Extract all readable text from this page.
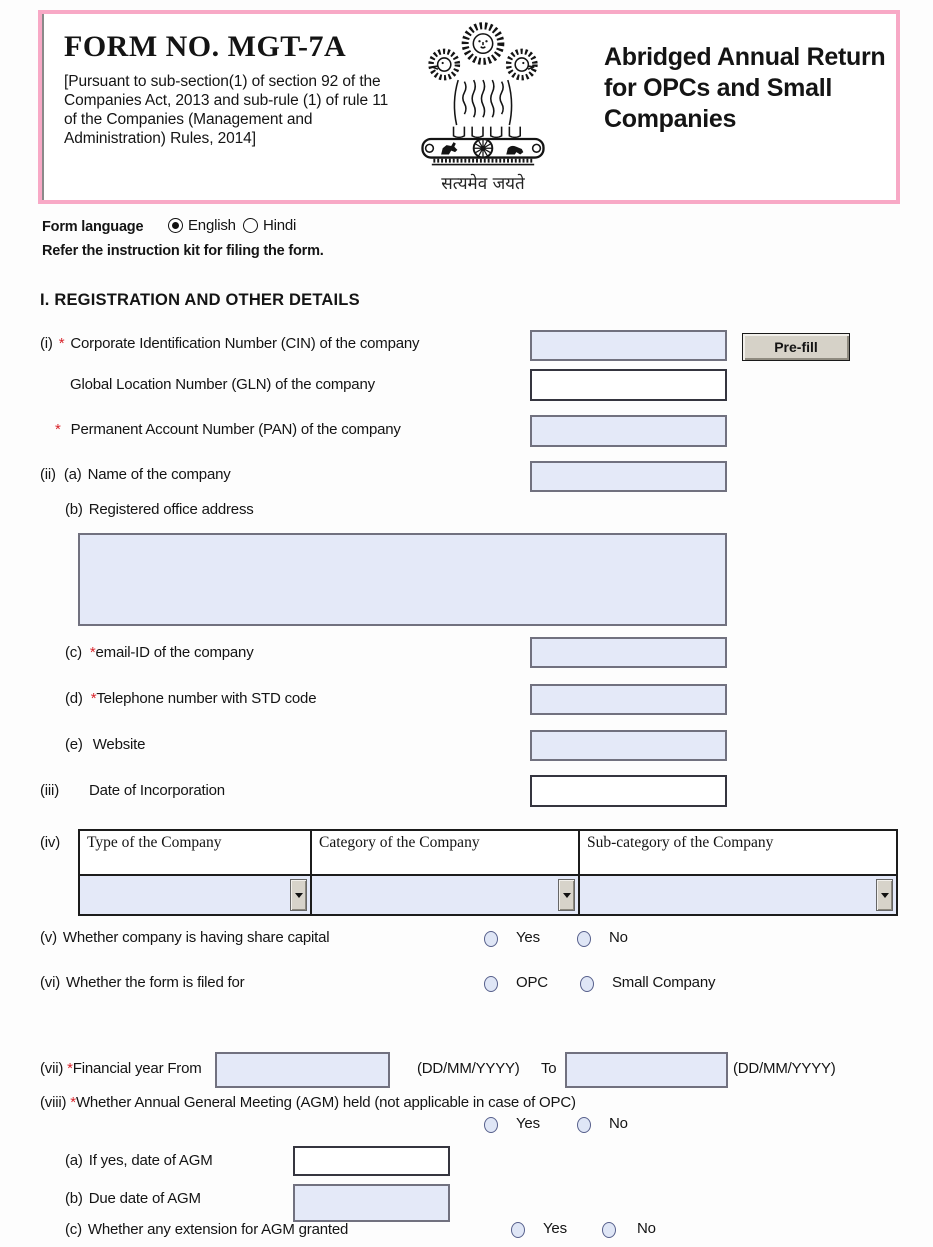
FORM NO. MGT-7A
[Pursuant to sub-section(1) of section 92 of the Companies Act, 2013 and sub-rule (1) of rule 11 of the Companies (Management and Administration) Rules, 2014]
सत्यमेव जयते
Abridged Annual Return for OPCs and Small Companies
Form language	English Hindi
Refer the instruction kit for filing the form.
I. REGISTRATION AND OTHER DETAILS
(i) * Corporate Identification Number (CIN) of the company	Pre-fill
Global Location Number (GLN) of the company
* Permanent Account Number (PAN) of the company
(ii) (a) Name of the company
(b) Registered office address
(c) *email-ID of the company
(d) *Telephone number with STD code
(e) Website
(iii) Date of Incorporation
(iv) Type of the Company	Category of the Company	Sub-category of the Company

(v) Whether company is having share capital	Yes	No
(vi) Whether the form is filed for	OPC	Small Company
(vii) *Financial year From	(DD/MM/YYYY) To	(DD/MM/YYYY)
(viii) *Whether Annual General Meeting (AGM) held (not applicable in case of OPC)
Yes	No
(a) If yes, date of AGM
(b) Due date of AGM
(c) Whether any extension for AGM granted	Yes	No
